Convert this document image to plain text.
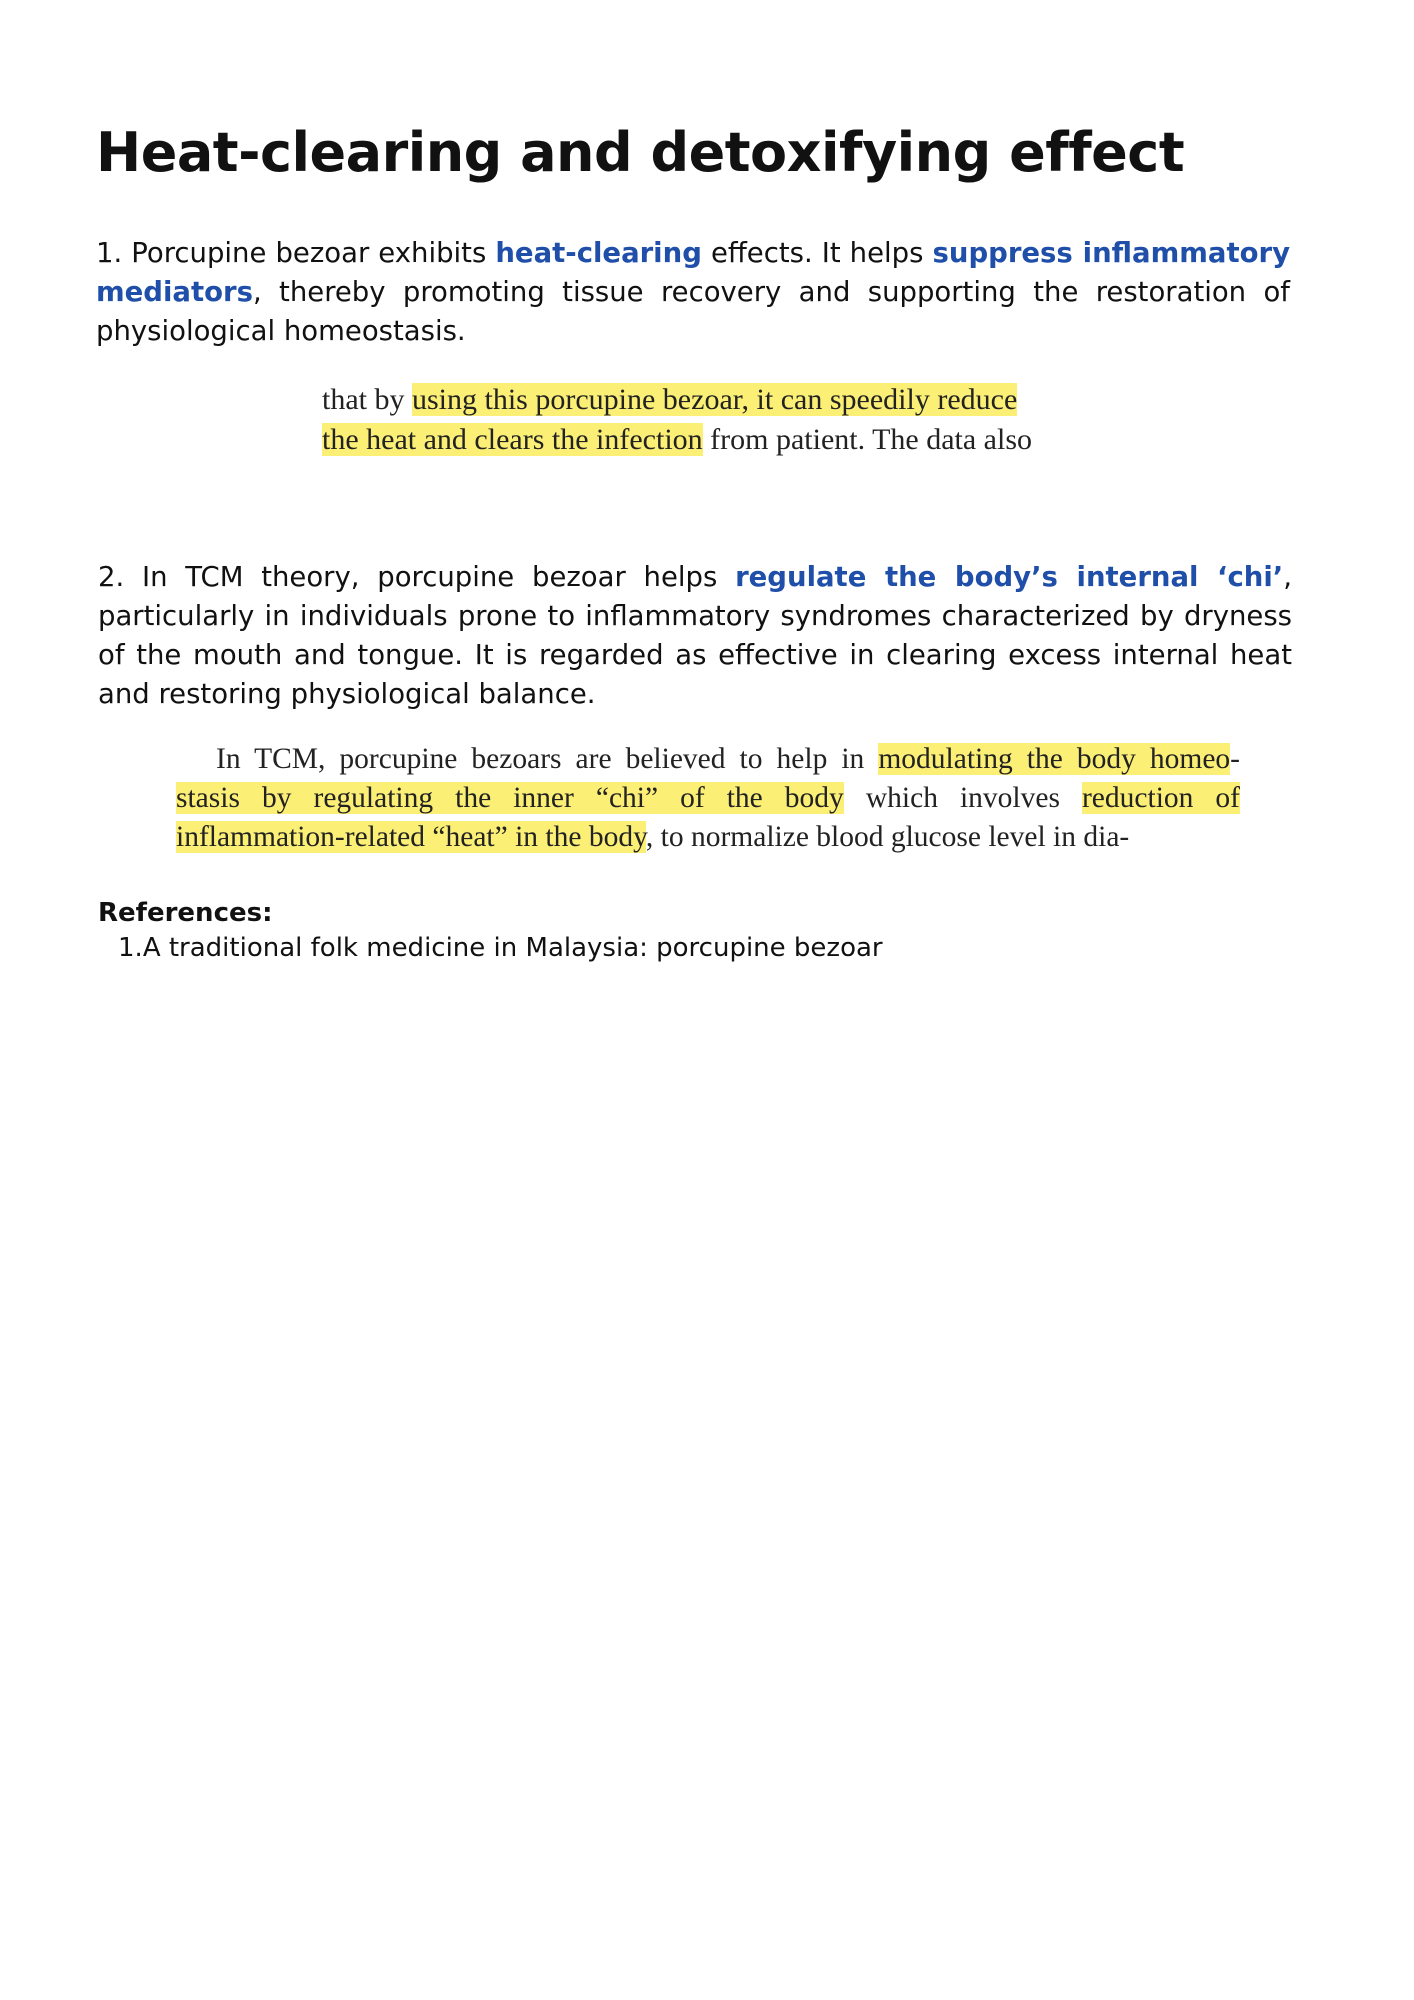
Heat-clearing and detoxifying effect

1. Porcupine bezoar exhibits heat-clearing effects. It helps suppress inflammatory mediators, thereby promoting tissue recovery and supporting the restoration of physiological homeostasis.

that by using this porcupine bezoar, it can speedily reduce
the heat and clears the infection from patient. The data also

2. In TCM theory, porcupine bezoar helps regulate the body’s internal ‘chi’, particularly in individuals prone to inflammatory syndromes characterized by dryness of the mouth and tongue. It is regarded as effective in clearing excess internal heat and restoring physiological balance.

In TCM, porcupine bezoars are believed to help in modulating the body homeo-
stasis by regulating the inner “chi” of the body which involves reduction of
inflammation-related “heat” in the body, to normalize blood glucose level in dia-
References:
1.A traditional folk medicine in Malaysia: porcupine bezoar
